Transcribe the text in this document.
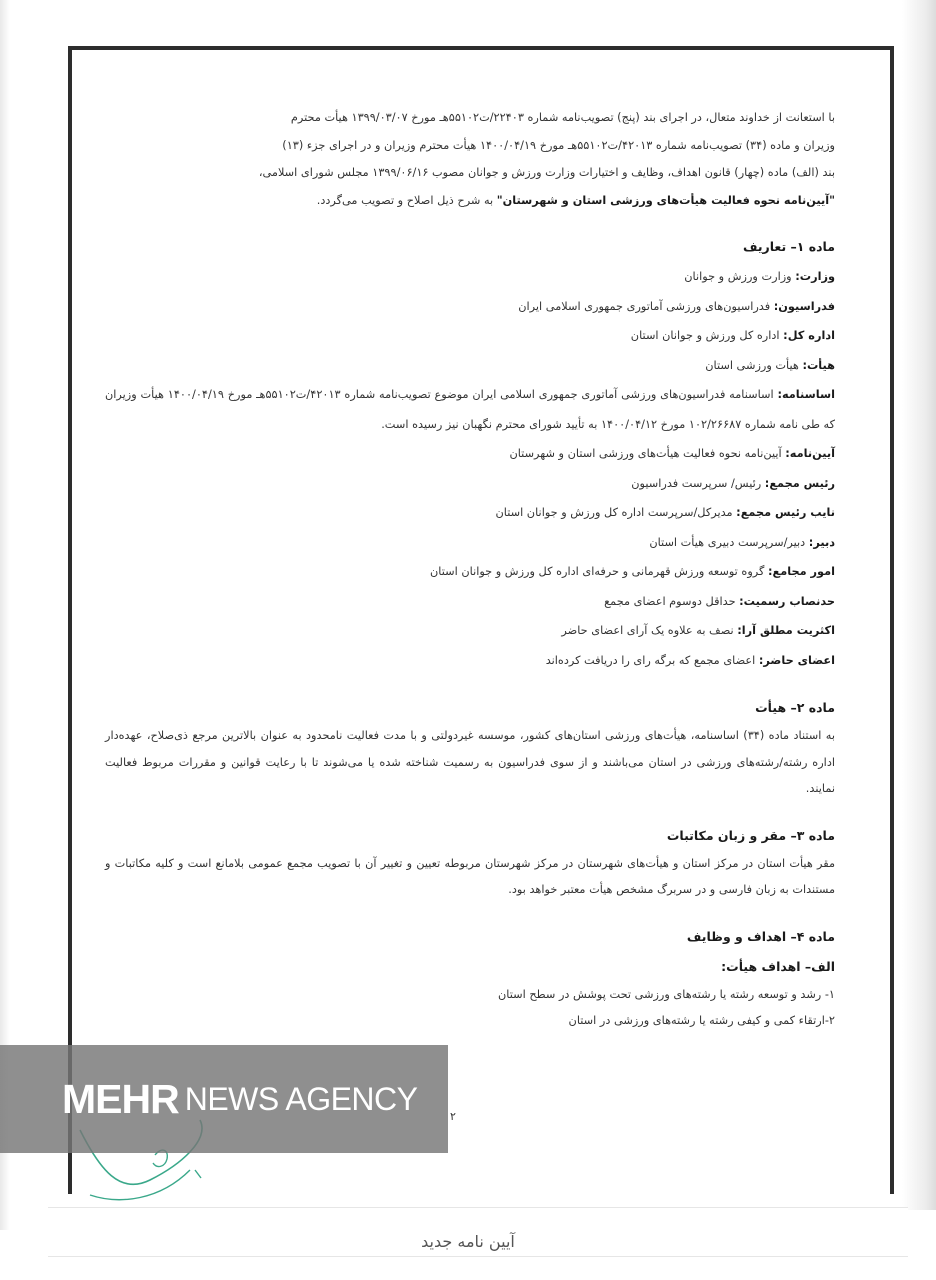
با استعانت از خداوند متعال، در اجرای بند (پنج) تصویب‌نامه شماره ۲۲۴۰۳/ت۵۵۱۰۲هـ مورخ ۱۳۹۹/۰۳/۰۷ هیأت محترم

وزیران و ماده (۳۴) تصویب‌نامه شماره ۴۲۰۱۳/ت۵۵۱۰۲هـ مورخ ۱۴۰۰/۰۴/۱۹ هیأت محترم وزیران و در اجرای جزء (۱۳)

بند (الف) ماده (چهار) قانون اهداف، وظایف و اختیارات وزارت ورزش و جوانان مصوب ۱۳۹۹/۰۶/۱۶ مجلس شورای اسلامی،

"آیین‌نامه نحوه فعالیت هیأت‌های ورزشی استان و شهرستان" به شرح ذیل اصلاح و تصویب می‌گردد.

ماده ۱– تعاریف

وزارت: وزارت ورزش و جوانان

فدراسیون: فدراسیون‌های ورزشی آماتوری جمهوری اسلامی ایران

اداره کل: اداره کل ورزش و جوانان استان

هیأت: هیأت ورزشی استان

اساسنامه: اساسنامه فدراسیون‌های ورزشی آماتوری جمهوری اسلامی ایران موضوع تصویب‌نامه شماره ۴۲۰۱۳/ت۵۵۱۰۲هـ مورخ ۱۴۰۰/۰۴/۱۹ هیأت وزیران که طی نامه شماره ۱۰۲/۲۶۶۸۷ مورخ ۱۴۰۰/۰۴/۱۲ به تأیید شورای محترم نگهبان نیز رسیده است.

آیین‌نامه: آیین‌نامه نحوه فعالیت هیأت‌های ورزشی استان و شهرستان

رئیس مجمع: رئیس/ سرپرست فدراسیون

نایب رئیس مجمع: مدیرکل/سرپرست اداره کل ورزش و جوانان استان

دبیر: دبیر/سرپرست دبیری هیأت استان

امور مجامع: گروه توسعه ورزش قهرمانی و حرفه‌ای اداره کل ورزش و جوانان استان

حدنصاب رسمیت: حداقل دوسوم اعضای مجمع

اکثریت مطلق آرا: نصف به علاوه یک آرای اعضای حاضر

اعضای حاضر: اعضای مجمع که برگه رای را دریافت کرده‌اند

ماده ۲– هیأت

به استناد ماده (۳۴) اساسنامه، هیأت‌های ورزشی استان‌های کشور، موسسه غیردولتی و با مدت فعالیت نامحدود به عنوان بالاترین مرجع ذی‌صلاح، عهده‌دار اداره رشته/رشته‌های ورزشی در استان می‌باشند و از سوی فدراسیون به رسمیت شناخته شده یا می‌شوند تا با رعایت قوانین و مقررات مربوط فعالیت نمایند.

ماده ۳– مقر و زبان مکاتبات

مقر هیأت استان در مرکز استان و هیأت‌های شهرستان در مرکز شهرستان مربوطه تعیین و تغییر آن با تصویب مجمع عمومی بلامانع است و کلیه مکاتبات و مستندات به زبان فارسی و در سربرگ مشخص هیأت معتبر خواهد بود.

ماده ۴– اهداف و وظایف
الف– اهداف هیأت:

۱- رشد و توسعه رشته یا رشته‌های ورزشی تحت پوشش در سطح استان

۲-ارتقاء کمی و کیفی رشته یا رشته‌های ورزشی در استان

۲
MEHR NEWS AGENCY
آیین نامه جدید
